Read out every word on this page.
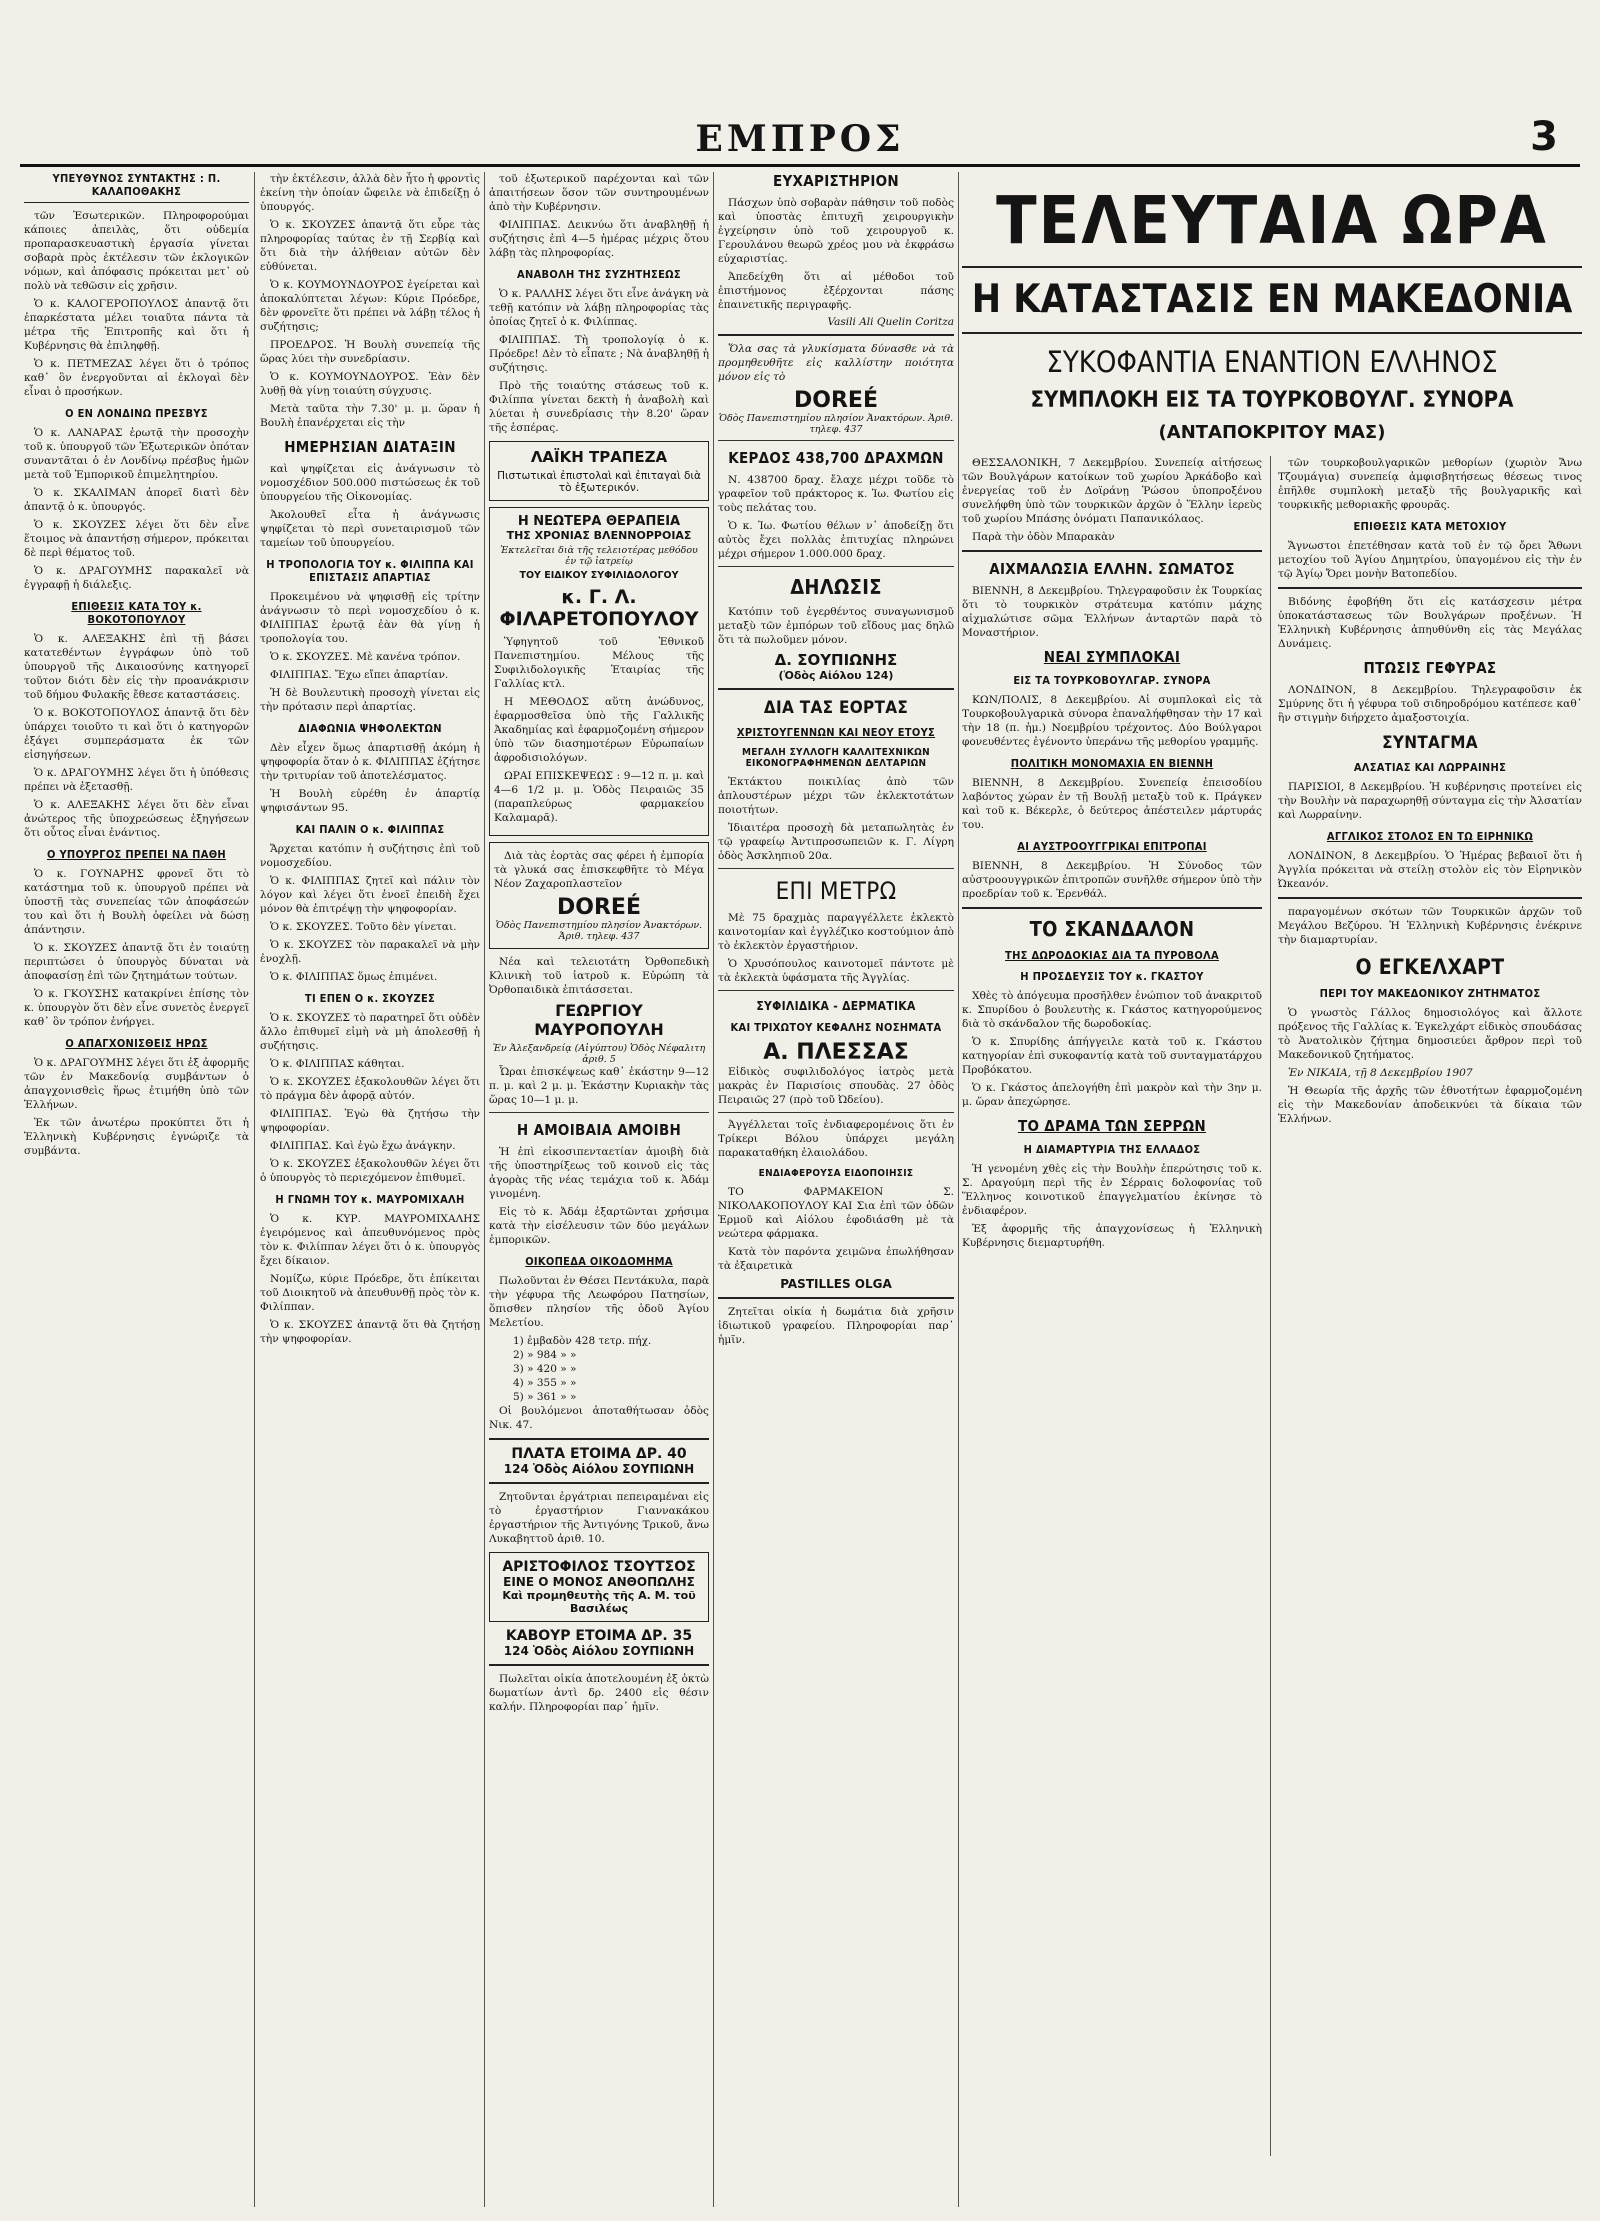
ΕΜΠΡΟΣ	3
ΥΠΕΥΘΥΝΟΣ ΣΥΝΤΑΚΤΗΣ : Π. ΚΑΛΑΠΟΘΑΚΗΣ

τῶν Ἐσωτερικῶν. Πληροφορούμαι κάποιες ἀπειλὰς, ὅτι οὐδεμία προπαρασκευαστικὴ ἐργασία γίνεται σοβαρὰ πρὸς ἐκτέλεσιν τῶν ἐκλογικῶν νόμων, καὶ ἀπόφασις πρόκειται μετ᾽ οὐ πολὺ νὰ τεθῶσιν εἰς χρῆσιν.

Ὁ κ. ΚΑΛΟΓΕΡΟΠΟΥΛΟΣ ἀπαντᾷ ὅτι ἐπαρκέστατα μέλει τοιαῦτα πάντα τὰ μέτρα τῆς Ἐπιτροπῆς καὶ ὅτι ἡ Κυβέρνησις θὰ ἐπιληφθῇ.

Ὁ κ. ΠΕΤΜΕΖΑΣ λέγει ὅτι ὁ τρόπος καθ᾽ ὃν ἐνεργοῦνται αἱ ἐκλογαὶ δὲν εἶναι ὁ προσήκων.

Ο ΕΝ ΛΟΝΔΙΝΩ ΠΡΕΣΒΥΣ

Ὁ κ. ΛΑΝΑΡΑΣ ἐρωτᾷ τὴν προσοχὴν τοῦ κ. ὑπουργοῦ τῶν Ἐξωτερικῶν ὁπόταν συναντᾶται ὁ ἐν Λονδίνῳ πρέσβυς ἡμῶν μετὰ τοῦ Ἐμπορικοῦ ἐπιμελητηρίου.

Ὁ κ. ΣΚΑΛΙΜΑΝ ἀπορεῖ διατὶ δὲν ἀπαντᾷ ὁ κ. ὑπουργός.

Ὁ κ. ΣΚΟΥΖΕΣ λέγει ὅτι δὲν εἶνε ἕτοιμος νὰ ἀπαντήσῃ σήμερον, πρόκειται δὲ περὶ θέματος τοῦ.

Ὁ κ. ΔΡΑΓΟΥΜΗΣ παρακαλεῖ νὰ ἐγγραφῇ ἡ διάλεξις.

ΕΠΙΘΕΣΙΣ ΚΑΤΑ ΤΟΥ κ. ΒΟΚΟΤΟΠΟΥΛΟΥ

Ὁ κ. ΑΛΕΞΑΚΗΣ ἐπὶ τῇ βάσει κατατεθέντων ἐγγράφων ὑπὸ τοῦ ὑπουργοῦ τῆς Δικαιοσύνης κατηγορεῖ τοῦτον διότι δὲν εἰς τὴν προανάκρισιν τοῦ δήμου Φυλακῆς ἔθεσε καταστάσεις.

Ὁ κ. ΒΟΚΟΤΟΠΟΥΛΟΣ ἀπαντᾷ ὅτι δὲν ὑπάρχει τοιοῦτο τι καὶ ὅτι ὁ κατηγορῶν ἐξάγει συμπεράσματα ἐκ τῶν εἰσηγήσεων.

Ὁ κ. ΔΡΑΓΟΥΜΗΣ λέγει ὅτι ἡ ὑπόθεσις πρέπει νὰ ἐξετασθῇ.

Ὁ κ. ΑΛΕΞΑΚΗΣ λέγει ὅτι δὲν εἶναι ἀνώτερος τῆς ὑποχρεώσεως ἐξηγήσεων ὅτι οὗτος εἶναι ἐνάντιος.

Ο ΥΠΟΥΡΓΟΣ ΠΡΕΠΕΙ ΝΑ ΠΑΘΗ

Ὁ κ. ΓΟΥΝΑΡΗΣ φρονεῖ ὅτι τὸ κατάστημα τοῦ κ. ὑπουργοῦ πρέπει νὰ ὑποστῇ τὰς συνεπείας τῶν ἀποφάσεών του καὶ ὅτι ἡ Βουλὴ ὀφείλει νὰ δώσῃ ἀπάντησιν.

Ὁ κ. ΣΚΟΥΖΕΣ ἀπαντᾷ ὅτι ἐν τοιαύτῃ περιπτώσει ὁ ὑπουργὸς δύναται νὰ ἀποφασίσῃ ἐπὶ τῶν ζητημάτων τούτων.

Ὁ κ. ΓΚΟΥΣΗΣ κατακρίνει ἐπίσης τὸν κ. ὑπουργὸν ὅτι δὲν εἶνε συνετὸς ἐνεργεῖ καθ᾽ ὃν τρόπον ἐνήργει.

Ο ΑΠΑΓΧΟΝΙΣΘΕΙΣ ΗΡΩΣ

Ὁ κ. ΔΡΑΓΟΥΜΗΣ λέγει ὅτι ἐξ ἀφορμῆς τῶν ἐν Μακεδονίᾳ συμβάντων ὁ ἀπαγχονισθεὶς ἥρως ἐτιμήθη ὑπὸ τῶν Ἑλλήνων.

Ἐκ τῶν ἀνωτέρω προκύπτει ὅτι ἡ Ἑλληνικὴ Κυβέρνησις ἐγνώριζε τὰ συμβάντα.

τὴν ἐκτέλεσιν, ἀλλὰ δὲν ἦτο ἡ φροντὶς ἐκείνη τὴν ὁποίαν ὤφειλε νὰ ἐπιδείξῃ ὁ ὑπουργός.

Ὁ κ. ΣΚΟΥΖΕΣ ἀπαντᾷ ὅτι εὗρε τὰς πληροφορίας ταύτας ἐν τῇ Σερβίᾳ καὶ ὅτι διὰ τὴν ἀλήθειαν αὐτῶν δὲν εὐθύνεται.

Ὁ κ. ΚΟΥΜΟΥΝΔΟΥΡΟΣ ἐγείρεται καὶ ἀποκαλύπτεται λέγων: Κύριε Πρόεδρε, δὲν φρονεῖτε ὅτι πρέπει νὰ λάβῃ τέλος ἡ συζήτησις;

ΠΡΟΕΔΡΟΣ. Ἡ Βουλὴ συνεπείᾳ τῆς ὥρας λύει τὴν συνεδρίασιν.

Ὁ κ. ΚΟΥΜΟΥΝΔΟΥΡΟΣ. Ἐὰν δὲν λυθῇ θὰ γίνῃ τοιαύτη σύγχυσις.

Μετὰ ταῦτα τὴν 7.30' μ. μ. ὥραν ἡ Βουλὴ ἐπανέρχεται εἰς τὴν

ΗΜΕΡΗΣΙΑΝ ΔΙΑΤΑΞΙΝ

καὶ ψηφίζεται εἰς ἀνάγνωσιν τὸ νομοσχέδιον 500.000 πιστώσεως ἐκ τοῦ ὑπουργείου τῆς Οἰκονομίας.

Ἀκολουθεῖ εἶτα ἡ ἀνάγνωσις ψηφίζεται τὸ περὶ συνεταιρισμοῦ τῶν ταμείων τοῦ ὑπουργείου.

Η ΤΡΟΠΟΛΟΓΙΑ ΤΟΥ κ. ΦΙΛΙΠΠΑ ΚΑΙ ΕΠΙΣΤΑΣΙΣ ΑΠΑΡΤΙΑΣ

Προκειμένου νὰ ψηφισθῇ εἰς τρίτην ἀνάγνωσιν τὸ περὶ νομοσχεδίου ὁ κ. ΦΙΛΙΠΠΑΣ ἐρωτᾷ ἐὰν θὰ γίνῃ ἡ τροπολογία του.

Ὁ κ. ΣΚΟΥΖΕΣ. Μὲ κανένα τρόπον.

ΦΙΛΙΠΠΑΣ. Ἔχω εἴπει ἀπαρτίαν.

Ἡ δὲ Βουλευτικὴ προσοχὴ γίνεται εἰς τὴν πρότασιν περὶ ἀπαρτίας.

ΔΙΑΦΩΝΙΑ ΨΗΦΟΛΕΚΤΩΝ

Δὲν εἶχεν ὅμως ἀπαρτισθῇ ἀκόμη ἡ ψηφοφορία ὅταν ὁ κ. ΦΙΛΙΠΠΑΣ ἐζήτησε τὴν τριτυρίαν τοῦ ἀποτελέσματος.

Ἡ Βουλὴ εὑρέθη ἐν ἀπαρτίᾳ ψηφισάντων 95.

ΚΑΙ ΠΑΛΙΝ Ο κ. ΦΙΛΙΠΠΑΣ

Ἄρχεται κατόπιν ἡ συζήτησις ἐπὶ τοῦ νομοσχεδίου.

Ὁ κ. ΦΙΛΙΠΠΑΣ ζητεῖ καὶ πάλιν τὸν λόγον καὶ λέγει ὅτι ἐνοεῖ ἐπειδὴ ἔχει μόνον θὰ ἐπιτρέψῃ τὴν ψηφοφορίαν.

Ὁ κ. ΣΚΟΥΖΕΣ. Τοῦτο δὲν γίνεται.

Ὁ κ. ΣΚΟΥΖΕΣ τὸν παρακαλεῖ νὰ μὴν ἐνοχλῇ.

Ὁ κ. ΦΙΛΙΠΠΑΣ ὅμως ἐπιμένει.

ΤΙ ΕΠΕΝ Ο κ. ΣΚΟΥΖΕΣ

Ὁ κ. ΣΚΟΥΖΕΣ τὸ παρατηρεῖ ὅτι οὐδὲν ἄλλο ἐπιθυμεῖ εἰμὴ νὰ μὴ ἀπολεσθῇ ἡ συζήτησις.

Ὁ κ. ΦΙΛΙΠΠΑΣ κάθηται.

Ὁ κ. ΣΚΟΥΖΕΣ ἐξακολουθῶν λέγει ὅτι τὸ πράγμα δὲν ἀφορᾷ αὐτόν.

ΦΙΛΙΠΠΑΣ. Ἐγὼ θὰ ζητήσω τὴν ψηφοφορίαν.

ΦΙΛΙΠΠΑΣ. Καὶ ἐγὼ ἔχω ἀνάγκην.

Ὁ κ. ΣΚΟΥΖΕΣ ἐξακολουθῶν λέγει ὅτι ὁ ὑπουργὸς τὸ περιεχόμενον ἐπιθυμεῖ.

Η ΓΝΩΜΗ ΤΟΥ κ. ΜΑΥΡΟΜΙΧΑΛΗ

Ὁ κ. ΚΥΡ. ΜΑΥΡΟΜΙΧΑΛΗΣ ἐγειρόμενος καὶ ἀπευθυνόμενος πρὸς τὸν κ. Φιλίππαν λέγει ὅτι ὁ κ. ὑπουργὸς ἔχει δίκαιον.

Νομίζω, κύριε Πρόεδρε, ὅτι ἐπίκειται τοῦ Διοικητοῦ νὰ ἀπευθυνθῇ πρὸς τὸν κ. Φιλίππαν.

Ὁ κ. ΣΚΟΥΖΕΣ ἀπαντᾷ ὅτι θὰ ζητήσῃ τὴν ψηφοφορίαν.

τοῦ ἐξωτερικοῦ παρέχονται καὶ τῶν ἀπαιτήσεων ὅσον τῶν συντηρουμένων ἀπὸ τὴν Κυβέρνησιν.

ΦΙΛΙΠΠΑΣ. Δεικνύω ὅτι ἀναβληθῇ ἡ συζήτησις ἐπὶ 4—5 ἡμέρας μέχρις ὅτου λάβῃ τὰς πληροφορίας.

ΑΝΑΒΟΛΗ ΤΗΣ ΣΥΖΗΤΗΣΕΩΣ

Ὁ κ. ΡΑΛΛΗΣ λέγει ὅτι εἶνε ἀνάγκη νὰ τεθῇ κατόπιν νὰ λάβῃ πληροφορίας τὰς ὁποίας ζητεῖ ὁ κ. Φιλίππας.

ΦΙΛΙΠΠΑΣ. Τὴ τροπολογίᾳ ὁ κ. Πρόεδρε! Δὲν τὸ εἶπατε ; Νὰ ἀναβληθῇ ἡ συζήτησις.

Πρὸ τῆς τοιαύτης στάσεως τοῦ κ. Φιλίππα γίνεται δεκτὴ ἡ ἀναβολὴ καὶ λύεται ἡ συνεδρίασις τὴν 8.20' ὥραν τῆς ἑσπέρας.

ΛΑΪΚΗ ΤΡΑΠΕΖΑ
Πιστωτικαὶ ἐπιστολαὶ καὶ ἐπιταγαὶ διὰ τὸ ἐξωτερικόν.
Η ΝΕΩΤΕΡΑ ΘΕΡΑΠΕΙΑ
ΤΗΣ ΧΡΟΝΙΑΣ ΒΛΕΝΝΟΡΡΟΙΑΣ
Ἐκτελεῖται διὰ τῆς τελειοτέρας μεθόδου ἐν τῷ ἰατρείῳ
ΤΟΥ ΕΙΔΙΚΟΥ ΣΥΦΙΛΙΔΟΛΟΓΟΥ
κ. Γ. Λ. ΦΙΛΑΡΕΤΟΠΟΥΛΟΥ

Ὑφηγητοῦ τοῦ Ἐθνικοῦ Πανεπιστημίου. Μέλους τῆς Συφιλιδολογικῆς Ἑταιρίας τῆς Γαλλίας κτλ.

Η ΜΕΘΟΔΟΣ αὕτη ἀνώδυνος, ἐφαρμοσθεῖσα ὑπὸ τῆς Γαλλικῆς Ἀκαδημίας καὶ ἐφαρμοζομένη σήμερον ὑπὸ τῶν διασημοτέρων Εὐρωπαίων ἀφροδισιολόγων.

ΩΡΑΙ ΕΠΙΣΚΕΨΕΩΣ : 9—12 π. μ. καὶ 4—6 1/2 μ. μ. Ὁδὸς Πειραιῶς 35 (παραπλεύρως φαρμακείου Καλαμαρᾶ).

Διὰ τὰς ἑορτὰς σας φέρει ἡ ἐμπορία τὰ γλυκά σας ἐπισκεφθῆτε τὸ Μέγα Νέον Ζαχαροπλαστεῖον

DOREÉ
Ὁδὸς Πανεπιστημίου πλησίον Ἀνακτόρων. Ἀριθ. τηλεφ. 437

Νέα καὶ τελειοτάτη Ὀρθοπεδικὴ Κλινικὴ τοῦ ἰατροῦ κ. Εὐρώπη τὰ Ὀρθοπαιδικὰ ἐπιτάσσεται.

ΓΕΩΡΓΙΟΥ ΜΑΥΡΟΠΟΥΛΗ
Ἐν Ἀλεξανδρείᾳ (Αἰγύπτου) Ὁδὸς Νέφαλιτη ἀριθ. 5

Ὧραι ἐπισκέψεως καθ᾽ ἑκάστην 9—12 π. μ. καὶ 2 μ. μ. Ἑκάστην Κυριακὴν τὰς ὥρας 10—1 μ. μ.

Η ΑΜΟΙΒΑΙΑ ΑΜΟΙΒΗ

Ἡ ἐπὶ εἰκοσιπενταετίαν ἀμοιβὴ διὰ τῆς ὑποστηρίξεως τοῦ κοινοῦ εἰς τὰς ἀγορὰς τῆς νέας τεμάχια τοῦ κ. Ἀδάμ γινομένη.

Εἰς τὸ κ. Ἀδάμ ἐξαρτῶνται χρήσιμα κατὰ τὴν εἰσέλευσιν τῶν δύο μεγάλων ἐμπορικῶν.

ΟΙΚΟΠΕΔΑ ΟΙΚΟΔΟΜΗΜΑ

Πωλοῦνται ἐν Θέσει Πεντάκυλα, παρὰ τὴν γέφυρα τῆς Λεωφόρου Πατησίων, ὅπισθεν πλησίον τῆς ὁδοῦ Ἀγίου Μελετίου.

1) ἐμβαδὸν 428 τετρ. πήχ.
2) » 984 » »
3) » 420 » »
4) » 355 » »
5) » 361 » »

Οἱ βουλόμενοι ἀποταθήτωσαν ὁδὸς Νικ. 47.

ΠΛΑΤΑ ΕΤΟΙΜΑ ΔΡ. 40
124 Ὁδὸς Αἰόλου ΣΟΥΠΙΩΝΗ

Ζητοῦνται ἐργάτριαι πεπειραμέναι εἰς τὸ ἐργαστήριον Γιαννακάκου ἐργαστήριον τῆς Ἀντιγόνης Τρικοῦ, ἄνω Λυκαβηττοῦ ἀριθ. 10.

ΑΡΙΣΤΟΦΙΛΟΣ ΤΣΟΥΤΣΟΣ
ΕΙΝΕ Ο ΜΟΝΟΣ ΑΝΘΟΠΩΛΗΣ
Καὶ προμηθευτὴς τῆς Α. Μ. τοῦ Βασιλέως
ΚΑΒΟΥΡ ΕΤΟΙΜΑ ΔΡ. 35
124 Ὁδὸς Αἰόλου ΣΟΥΠΙΩΝΗ

Πωλεῖται οἰκία ἀποτελουμένη ἐξ ὀκτὼ δωματίων ἀντὶ δρ. 2400 εἰς θέσιν καλήν. Πληροφορίαι παρ᾽ ἡμῖν.

ΕΥΧΑΡΙΣΤΗΡΙΟΝ

Πάσχων ὑπὸ σοβαρὰν πάθησιν τοῦ ποδὸς καὶ ὑποστὰς ἐπιτυχῆ χειρουργικὴν ἐγχείρησιν ὑπὸ τοῦ χειρουργοῦ κ. Γερουλάνου θεωρῶ χρέος μου νὰ ἐκφράσω εὐχαριστίας.

Ἀπεδείχθη ὅτι αἱ μέθοδοι τοῦ ἐπιστήμονος ἐξέρχονται πάσης ἐπαινετικῆς περιγραφῆς.

Vasili Ali Quelin Coritza

Ὅλα σας τὰ γλυκίσματα δύνασθε νὰ τὰ προμηθευθῆτε εἰς καλλίστην ποιότητα μόνον εἰς τὸ

DOREÉ
Ὁδὸς Πανεπιστημίου πλησίον Ἀνακτόρων. Ἀριθ. τηλεφ. 437
ΚΕΡΔΟΣ 438,700 ΔΡΑΧΜΩΝ

Ν. 438700 δραχ. ἔλαχε μέχρι τοῦδε τὸ γραφεῖον τοῦ πράκτορος κ. Ἰω. Φωτίου εἰς τοὺς πελάτας του.

Ὁ κ. Ἰω. Φωτίου θέλων ν᾽ ἀποδείξῃ ὅτι αὐτὸς ἔχει πολλὰς ἐπιτυχίας πληρώνει μέχρι σήμερον 1.000.000 δραχ.

ΔΗΛΩΣΙΣ

Κατόπιν τοῦ ἐγερθέντος συναγωνισμοῦ μεταξὺ τῶν ἐμπόρων τοῦ εἴδους μας δηλῶ ὅτι τὰ πωλοῦμεν μόνον.

Δ. ΣΟΥΠΙΩΝΗΣ
(Ὁδὸς Αἰόλου 124)
ΔΙΑ ΤΑΣ ΕΟΡΤΑΣ
ΧΡΙΣΤΟΥΓΕΝΝΩΝ ΚΑΙ ΝΕΟΥ ΕΤΟΥΣ
ΜΕΓΑΛΗ ΣΥΛΛΟΓΗ ΚΑΛΛΙΤΕΧΝΙΚΩΝ ΕΙΚΟΝΟΓΡΑΦΗΜΕΝΩΝ ΔΕΛΤΑΡΙΩΝ

Ἐκτάκτου ποικιλίας ἀπὸ τῶν ἁπλουστέρων μέχρι τῶν ἐκλεκτοτάτων ποιοτήτων.

Ἰδιαιτέρα προσοχὴ δὰ μεταπωλητὰς ἐν τῷ γραφείῳ Ἀντιπροσωπειῶν κ. Γ. Λίγρη ὁδὸς Ἀσκληπιοῦ 20α.

ΕΠΙ ΜΕΤΡΩ

Μὲ 75 δραχμὰς παραγγέλλετε ἐκλεκτὸ καινοτομίαν καὶ ἐγγλέζικο κοστούμιον ἀπὸ τὸ ἐκλεκτὸν ἐργαστήριον.

Ὁ Χρυσόπουλος καινοτομεῖ πάντοτε μὲ τὰ ἐκλεκτὰ ὑφάσματα τῆς Ἀγγλίας.

ΣΥΦΙΛΙΔΙΚΑ - ΔΕΡΜΑΤΙΚΑ
ΚΑΙ ΤΡΙΧΩΤΟΥ ΚΕΦΑΛΗΣ ΝΟΣΗΜΑΤΑ
Α. ΠΛΕΣΣΑΣ

Εἰδικὸς συφιλιδολόγος ἰατρὸς μετὰ μακρὰς ἐν Παρισίοις σπουδὰς. 27 ὁδὸς Πειραιῶς 27 (πρὸ τοῦ Ὠδείου).

Ἀγγέλλεται τοῖς ἐνδιαφερομένοις ὅτι ἐν Τρίκερι Βόλου ὑπάρχει μεγάλη παρακαταθήκη ἐλαιολάδου.

ΕΝΔΙΑΦΕΡΟΥΣΑ ΕΙΔΟΠΟΙΗΣΙΣ

ΤΟ ΦΑΡΜΑΚΕΙΟΝ Σ. ΝΙΚΟΛΑΚΟΠΟΥΛΟΥ ΚΑΙ Σια ἐπὶ τῶν ὁδῶν Ἑρμοῦ καὶ Αἰόλου ἐφοδιάσθη μὲ τὰ νεώτερα φάρμακα.

Κατὰ τὸν παρόντα χειμῶνα ἐπωλήθησαν τὰ ἐξαιρετικὰ

PASTILLES OLGA

Ζητεῖται οἰκία ἡ δωμάτια διὰ χρῆσιν ἰδιωτικοῦ γραφείου. Πληροφορίαι παρ᾽ ἡμῖν.

ΤΕΛΕΥΤΑΙΑ ΩΡΑ
Η ΚΑΤΑΣΤΑΣΙΣ ΕΝ ΜΑΚΕΔΟΝΙΑ
ΣΥΚΟΦΑΝΤΙΑ ΕΝΑΝΤΙΟΝ ΕΛΛΗΝΟΣ
ΣΥΜΠΛΟΚΗ ΕΙΣ ΤΑ ΤΟΥΡΚΟΒΟΥΛΓ. ΣΥΝΟΡΑ
(ΑΝΤΑΠΟΚΡΙΤΟΥ ΜΑΣ)

ΘΕΣΣΑΛΟΝΙΚΗ, 7 Δεκεμβρίου. Συνεπείᾳ αἰτήσεως τῶν Βουλγάρων κατοίκων τοῦ χωρίου Ἀρκάδοβο καὶ ἐνεργείας τοῦ ἐν Δοϊράνῃ Ῥώσου ὑποπροξένου συνελήφθη ὑπὸ τῶν τουρκικῶν ἀρχῶν ὁ Ἕλλην ἱερεὺς τοῦ χωρίου Μπάσης ὀνόματι Παπανικόλαος.

Παρὰ τὴν ὁδὸν Μπαρακὰν

ΑΙΧΜΑΛΩΣΙΑ ΕΛΛΗΝ. ΣΩΜΑΤΟΣ

ΒΙΕΝΝΗ, 8 Δεκεμβρίου. Τηλεγραφοῦσιν ἐκ Τουρκίας ὅτι τὸ τουρκικὸν στράτευμα κατόπιν μάχης αἰχμαλώτισε σῶμα Ἑλλήνων ἀνταρτῶν παρὰ τὸ Μοναστήριον.

ΝΕΑΙ ΣΥΜΠΛΟΚΑΙ
ΕΙΣ ΤΑ ΤΟΥΡΚΟΒΟΥΛΓΑΡ. ΣΥΝΟΡΑ

ΚΩΝ/ΠΟΛΙΣ, 8 Δεκεμβρίου. Αἱ συμπλοκαὶ εἰς τὰ Τουρκοβουλγαρικὰ σύνορα ἐπαναλήφθησαν τὴν 17 καὶ τὴν 18 (π. ἡμ.) Νοεμβρίου τρέχοντος. Δύο Βούλγαροι φονευθέντες ἐγένοντο ὑπεράνω τῆς μεθορίου γραμμῆς.

ΠΟΛΙΤΙΚΗ ΜΟΝΟΜΑΧΙΑ ΕΝ ΒΙΕΝΝΗ

ΒΙΕΝΝΗ, 8 Δεκεμβρίου. Συνεπείᾳ ἐπεισοδίου λαβόντος χώραν ἐν τῇ Βουλῇ μεταξὺ τοῦ κ. Πράγκεν καὶ τοῦ κ. Βέκερλε, ὁ δεύτερος ἀπέστειλεν μάρτυράς του.

ΑΙ ΑΥΣΤΡΟΟΥΓΓΡΙΚΑΙ ΕΠΙΤΡΟΠΑΙ

ΒΙΕΝΝΗ, 8 Δεκεμβρίου. Ἡ Σύνοδος τῶν αὐστροουγγρικῶν ἐπιτροπῶν συνῆλθε σήμερον ὑπὸ τὴν προεδρίαν τοῦ κ. Ἐρενθάλ.

ΤΟ ΣΚΑΝΔΑΛΟΝ
ΤΗΣ ΔΩΡΟΔΟΚΙΑΣ ΔΙΑ ΤΑ ΠΥΡΟΒΟΛΑ
Η ΠΡΟΣΔΕΥΣΙΣ ΤΟΥ κ. ΓΚΑΣΤΟΥ

Χθὲς τὸ ἀπόγευμα προσῆλθεν ἐνώπιον τοῦ ἀνακριτοῦ κ. Σπυρίδου ὁ βουλευτὴς κ. Γκάστος κατηγορούμενος διὰ τὸ σκάνδαλον τῆς δωροδοκίας.

Ὁ κ. Σπυρίδης ἀπήγγειλε κατὰ τοῦ κ. Γκάστου κατηγορίαν ἐπὶ συκοφαντίᾳ κατὰ τοῦ συνταγματάρχου Προβόκατου.

Ὁ κ. Γκάστος ἀπελογήθη ἐπὶ μακρὸν καὶ τὴν 3ην μ. μ. ὥραν ἀπεχώρησε.

ΤΟ ΔΡΑΜΑ ΤΩΝ ΣΕΡΡΩΝ
Η ΔΙΑΜΑΡΤΥΡΙΑ ΤΗΣ ΕΛΛΑΔΟΣ

Ἡ γενομένη χθὲς εἰς τὴν Βουλὴν ἐπερώτησις τοῦ κ. Σ. Δραγούμη περὶ τῆς ἐν Σέρραις δολοφονίας τοῦ Ἕλληνος κοινοτικοῦ ἐπαγγελματίου ἐκίνησε τὸ ἐνδιαφέρον.

Ἐξ ἀφορμῆς τῆς ἀπαγχονίσεως ἡ Ἑλληνικὴ Κυβέρνησις διεμαρτυρήθη.

τῶν τουρκοβουλγαρικῶν μεθορίων (χωριὸν Ἄνω Τζουμάγια) συνεπείᾳ ἀμφισβητήσεως θέσεως τινος ἐπῆλθε συμπλοκὴ μεταξὺ τῆς βουλγαρικῆς καὶ τουρκικῆς μεθοριακῆς φρουρᾶς.

ΕΠΙΘΕΣΙΣ ΚΑΤΑ ΜΕΤΟΧΙΟΥ

Ἄγνωστοι ἐπετέθησαν κατὰ τοῦ ἐν τῷ ὄρει Ἄθωνι μετοχίου τοῦ Ἁγίου Δημητρίου, ὑπαγομένου εἰς τὴν ἐν τῷ Ἁγίῳ Ὄρει μονὴν Βατοπεδίου.

Βιδόνης ἐφοβήθη ὅτι εἰς κατάσχεσιν μέτρα ὑποκατάστασεως τῶν Βουλγάρων προξένων. Ἡ Ἑλληνικὴ Κυβέρνησις ἀπηυθύνθη εἰς τὰς Μεγάλας Δυνάμεις.

ΠΤΩΣΙΣ ΓΕΦΥΡΑΣ

ΛΟΝΔΙΝΟΝ, 8 Δεκεμβρίου. Τηλεγραφοῦσιν ἐκ Σμύρνης ὅτι ἡ γέφυρα τοῦ σιδηροδρόμου κατέπεσε καθ᾽ ἣν στιγμὴν διήρχετο ἀμαξοστοιχία.

ΣΥΝΤΑΓΜΑ
ΑΛΣΑΤΙΑΣ ΚΑΙ ΛΩΡΡΑΙΝΗΣ

ΠΑΡΙΣΙΟΙ, 8 Δεκεμβρίου. Ἡ κυβέρνησις προτείνει εἰς τὴν Βουλὴν νὰ παραχωρηθῇ σύνταγμα εἰς τὴν Ἀλσατίαν καὶ Λωρραίνην.

ΑΓΓΛΙΚΟΣ ΣΤΟΛΟΣ ΕΝ ΤΩ ΕΙΡΗΝΙΚΩ

ΛΟΝΔΙΝΟΝ, 8 Δεκεμβρίου. Ὁ Ἡμέρας βεβαιοῖ ὅτι ἡ Ἀγγλία πρόκειται νὰ στείλῃ στολὸν εἰς τὸν Εἰρηνικὸν Ὠκεανόν.

παραγομένων σκότων τῶν Τουρκικῶν ἀρχῶν τοῦ Μεγάλου Βεζύρου. Ἡ Ἑλληνικὴ Κυβέρνησις ἐνέκρινε τὴν διαμαρτυρίαν.

Ο ΕΓΚΕΛΧΑΡΤ
ΠΕΡΙ ΤΟΥ ΜΑΚΕΔΟΝΙΚΟΥ ΖΗΤΗΜΑΤΟΣ

Ὁ γνωστὸς Γάλλος δημοσιολόγος καὶ ἄλλοτε πρόξενος τῆς Γαλλίας κ. Ἐγκελχάρτ εἰδικὸς σπουδάσας τὸ Ἀνατολικὸν ζήτημα δημοσιεύει ἄρθρον περὶ τοῦ Μακεδονικοῦ ζητήματος.

Ἐν ΝΙΚΑΙΑ, τῇ 8 Δεκεμβρίου 1907

Ἡ Θεωρία τῆς ἀρχῆς τῶν ἐθνοτήτων ἐφαρμοζομένη εἰς τὴν Μακεδονίαν ἀποδεικνύει τὰ δίκαια τῶν Ἑλλήνων.
